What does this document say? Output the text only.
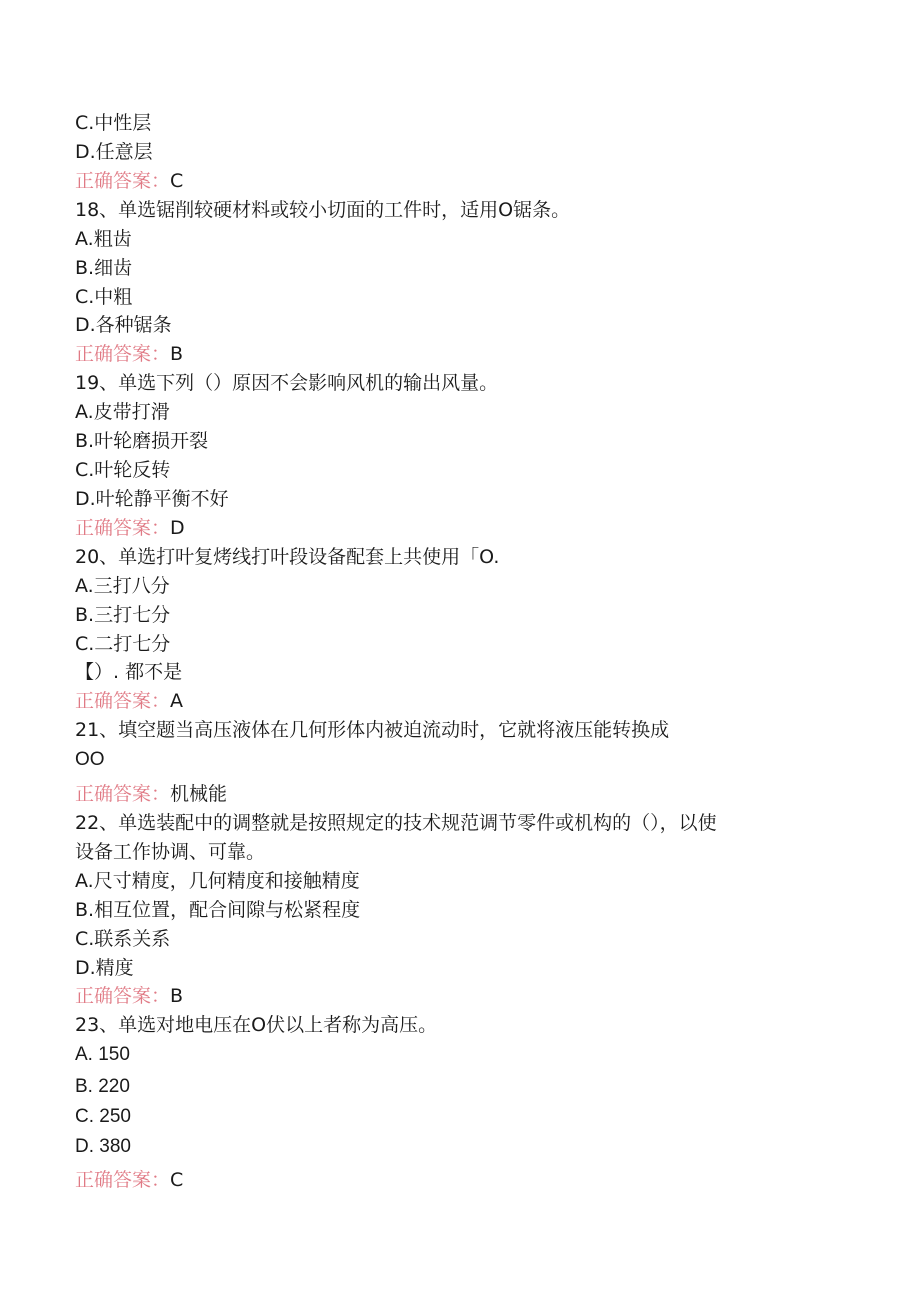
C.中性层
D.任意层
正确答案：C
18、单选锯削较硬材料或较小切面的工件时，适用O锯条。
A.粗齿
B.细齿
C.中粗
D.各种锯条
正确答案：B
19、单选下列（）原因不会影响风机的输出风量。
A.皮带打滑
B.叶轮磨损开裂
C.叶轮反转
D.叶轮静平衡不好
正确答案：D
20、单选打叶复烤线打叶段设备配套上共使用「O.
A.三打八分
B.三打七分
C.二打七分
【）. 都不是
正确答案：A
21、填空题当高压液体在几何形体内被迫流动时，它就将液压能转换成
OO
正确答案：机械能
22、单选装配中的调整就是按照规定的技术规范调节零件或机构的（），以使
设备工作协调、可靠。
A.尺寸精度，几何精度和接触精度
B.相互位置，配合间隙与松紧程度
C.联系关系
D.精度
正确答案：B
23、单选对地电压在O伏以上者称为高压。
A. 150
B. 220
C. 250
D. 380
正确答案：C
